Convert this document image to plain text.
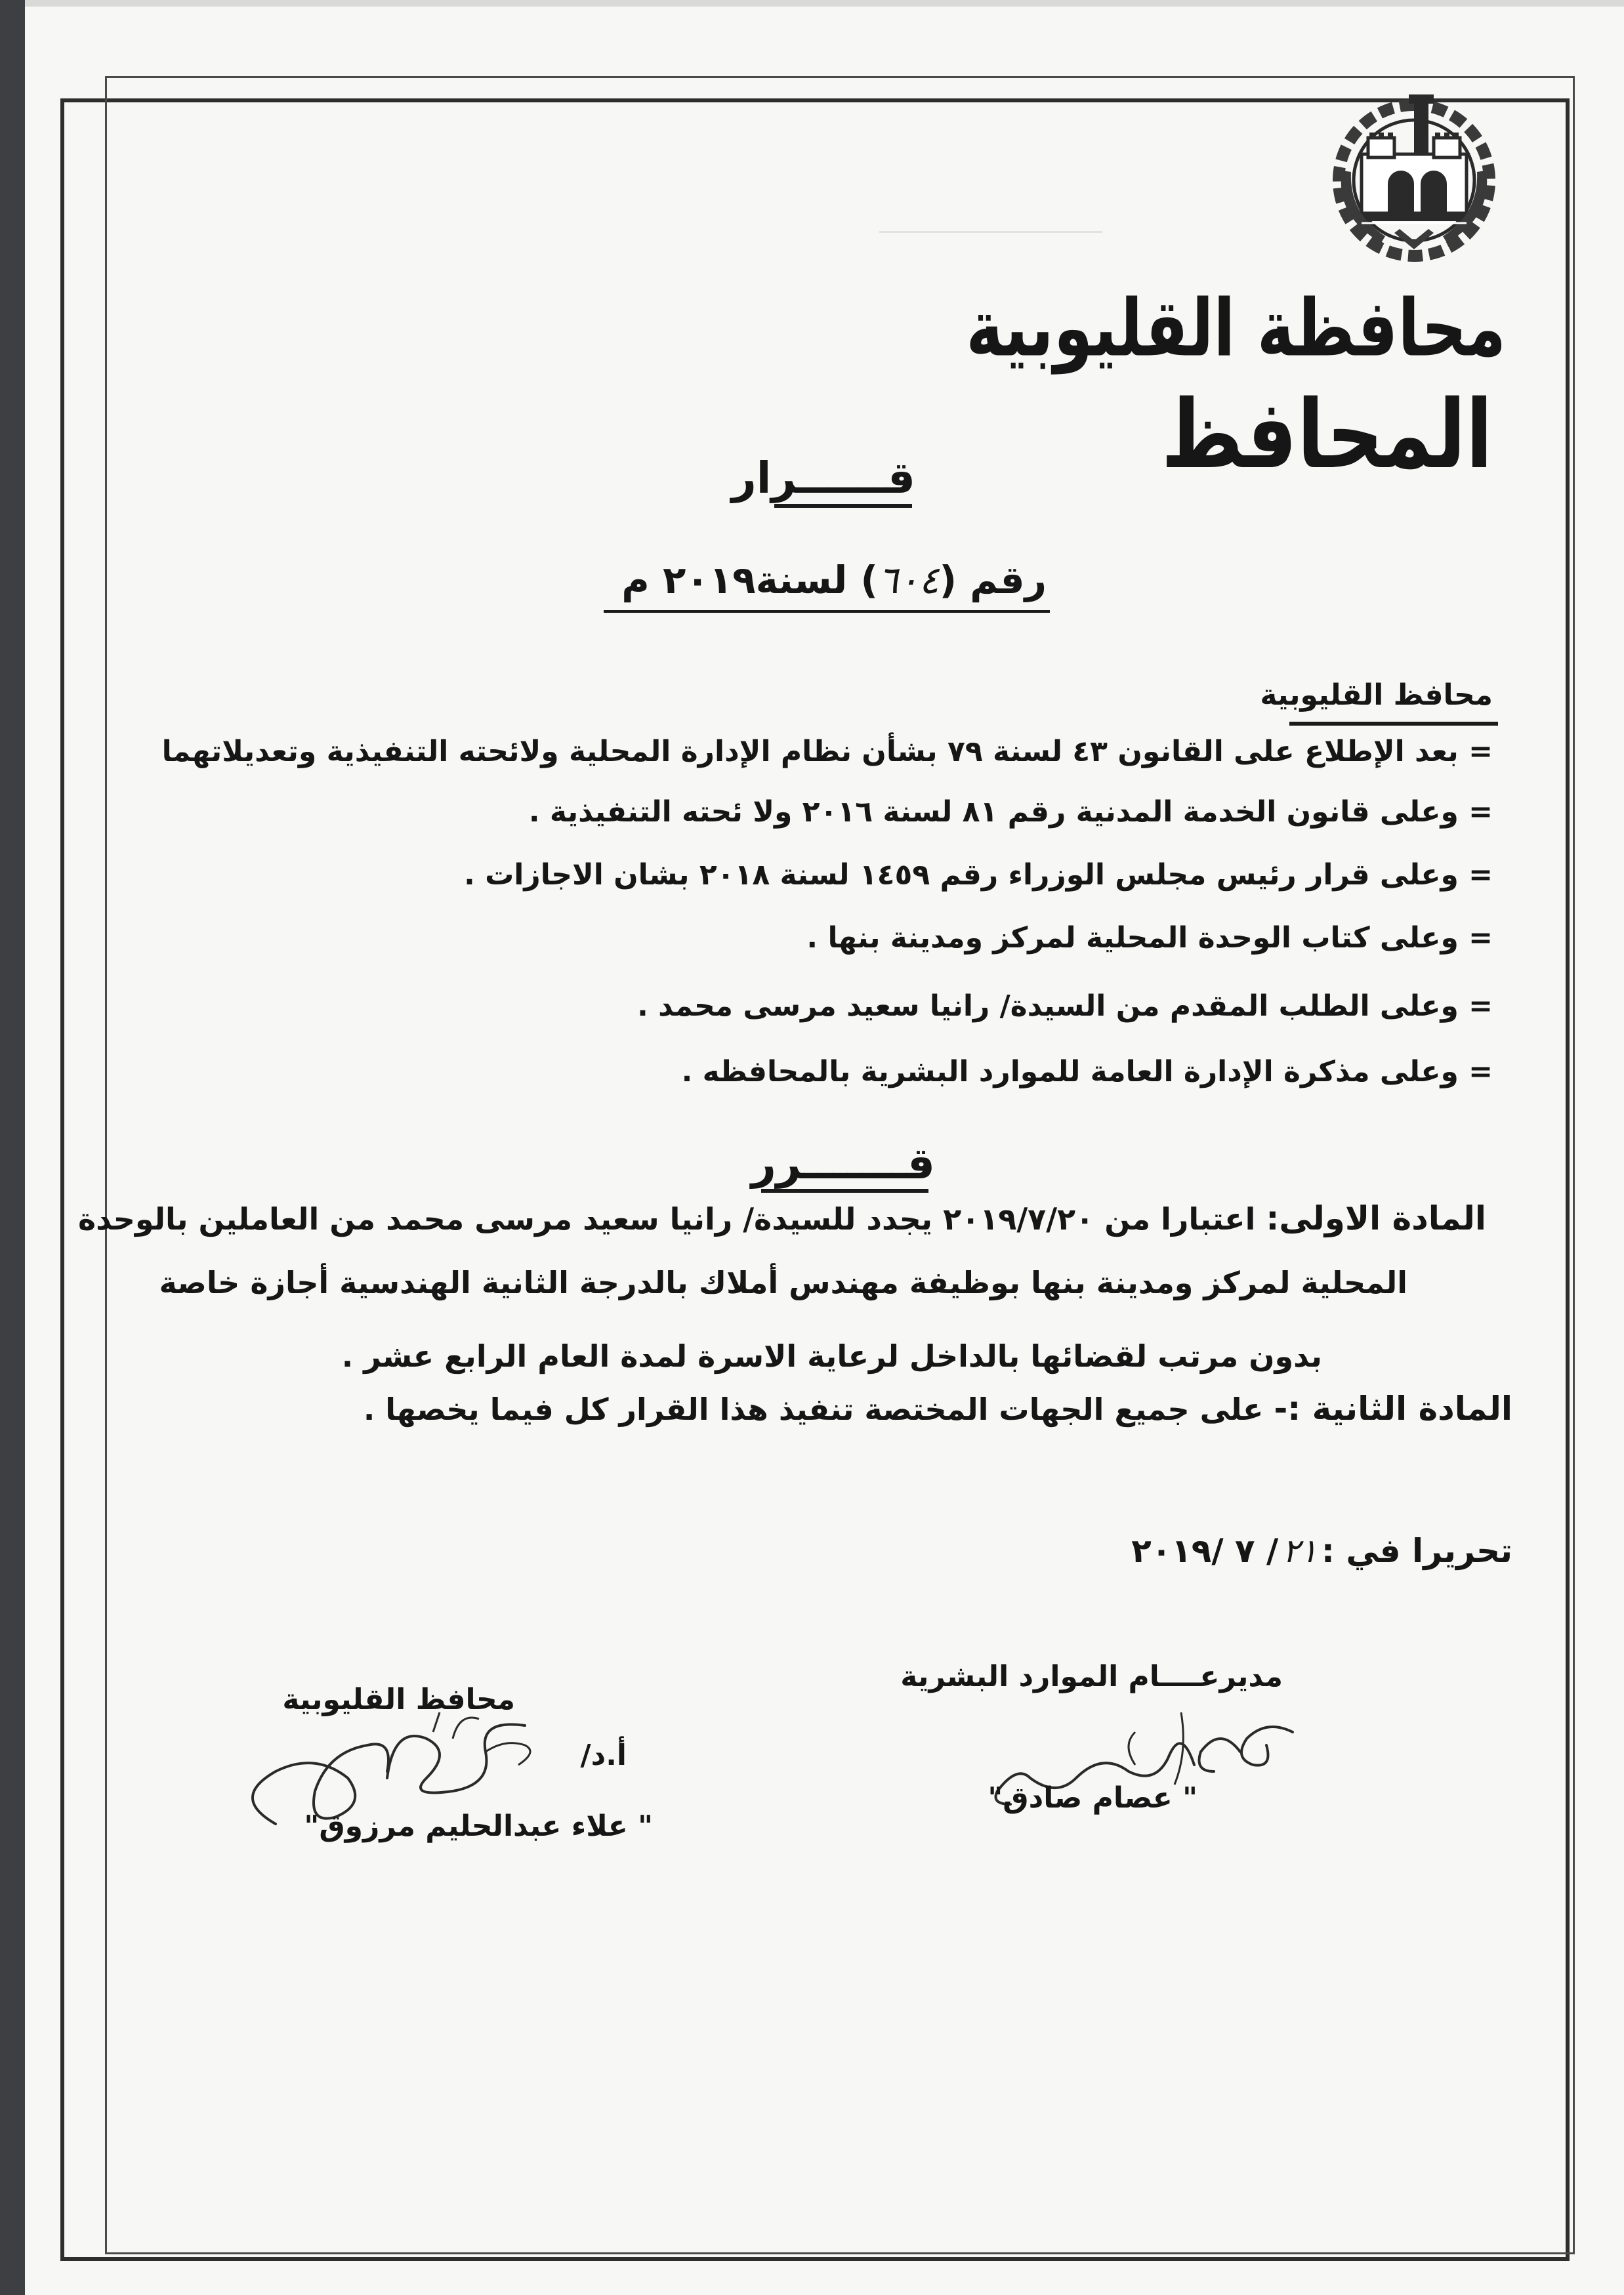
محافظة القليوبية
المحافظ
قــــــرار
رقم (٦٠٤) لسنة٢٠١٩ م
محافظ القليوبية
= بعد الإطلاع على القانون ٤٣ لسنة ٧٩ بشأن نظام الإدارة المحلية ولائحته التنفيذية وتعديلاتهما
= وعلى قانون الخدمة المدنية رقم ٨١ لسنة ٢٠١٦ ولا ئحته التنفيذية .
= وعلى قرار رئيس مجلس الوزراء رقم ١٤٥٩ لسنة ٢٠١٨ بشان الاجازات .
= وعلى كتاب الوحدة المحلية لمركز ومدينة بنها .
= وعلى الطلب المقدم من السيدة/ رانيا سعيد مرسى محمد .
= وعلى مذكرة الإدارة العامة للموارد البشرية بالمحافظه .
قـــــــرر
المادة الاولى: اعتبارا من ٢٠١٩/٧/٢٠ يجدد للسيدة/ رانيا سعيد مرسى محمد من العاملين بالوحدة
المحلية لمركز ومدينة بنها بوظيفة مهندس أملاك بالدرجة الثانية الهندسية أجازة خاصة
بدون مرتب لقضائها بالداخل لرعاية الاسرة لمدة العام الرابع عشر .
المادة الثانية :- على جميع الجهات المختصة تنفيذ هذا القرار كل فيما يخصها .
تحريرا في :٢١/ ٧ /٢٠١٩
مديرعــــام الموارد البشرية
" عصام صادق"
محافظ القليوبية
أ.د/
" علاء عبدالحليم مرزوق"
